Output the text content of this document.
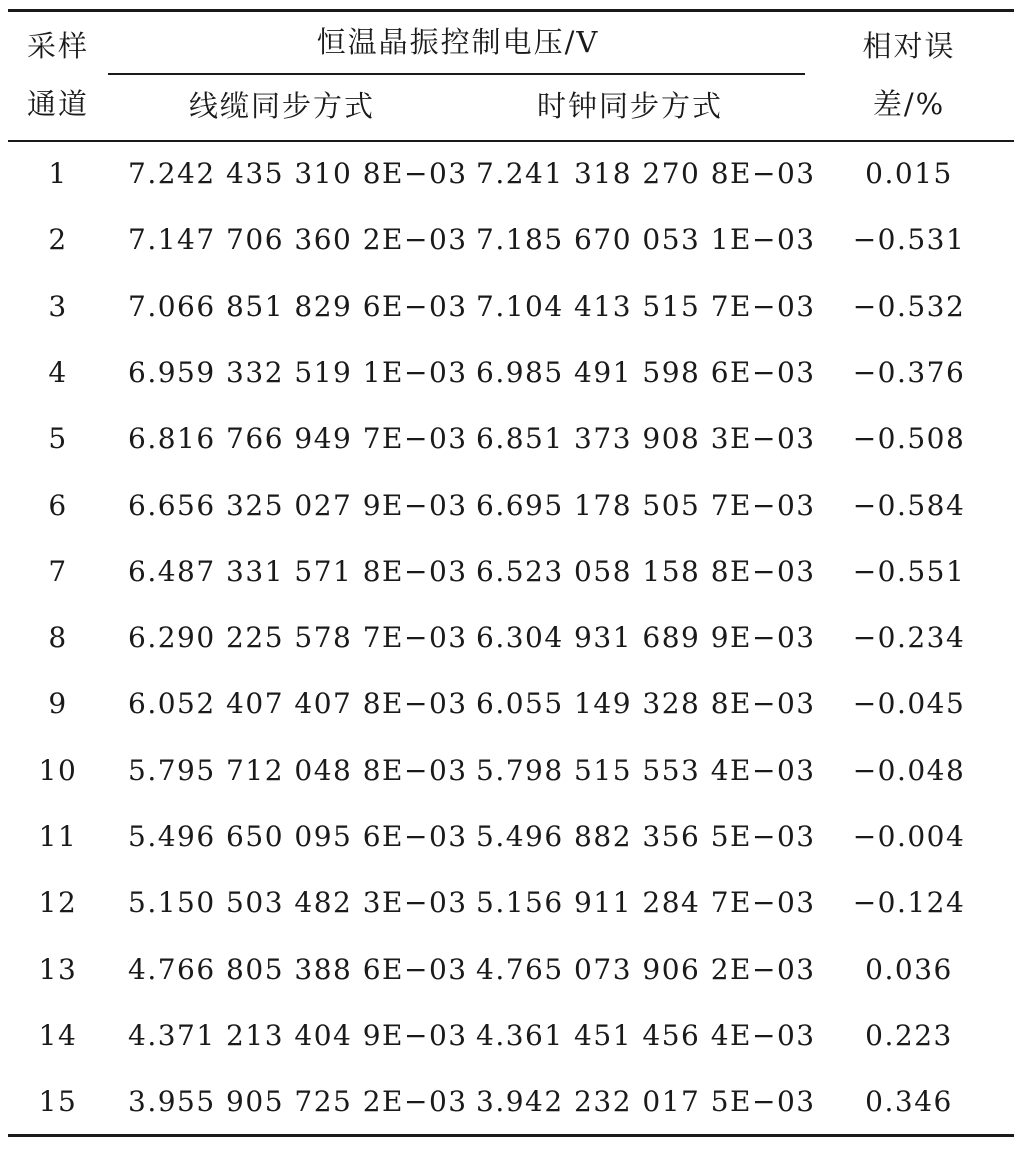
采样
通道
恒温晶振控制电压/V
线缆同步方式	时钟同步方式
相对误
差/%
1 7.242 435 310 8E−03 7.241 318 270 8E−03 0.015
2 7.147 706 360 2E−03 7.185 670 053 1E−03 −0.531
3 7.066 851 829 6E−03 7.104 413 515 7E−03 −0.532
4 6.959 332 519 1E−03 6.985 491 598 6E−03 −0.376
5 6.816 766 949 7E−03 6.851 373 908 3E−03 −0.508
6 6.656 325 027 9E−03 6.695 178 505 7E−03 −0.584
7 6.487 331 571 8E−03 6.523 058 158 8E−03 −0.551
8 6.290 225 578 7E−03 6.304 931 689 9E−03 −0.234
9 6.052 407 407 8E−03 6.055 149 328 8E−03 −0.045
10 5.795 712 048 8E−03 5.798 515 553 4E−03 −0.048
11 5.496 650 095 6E−03 5.496 882 356 5E−03 −0.004
12 5.150 503 482 3E−03 5.156 911 284 7E−03 −0.124
13 4.766 805 388 6E−03 4.765 073 906 2E−03 0.036
14 4.371 213 404 9E−03 4.361 451 456 4E−03 0.223
15 3.955 905 725 2E−03 3.942 232 017 5E−03 0.346
